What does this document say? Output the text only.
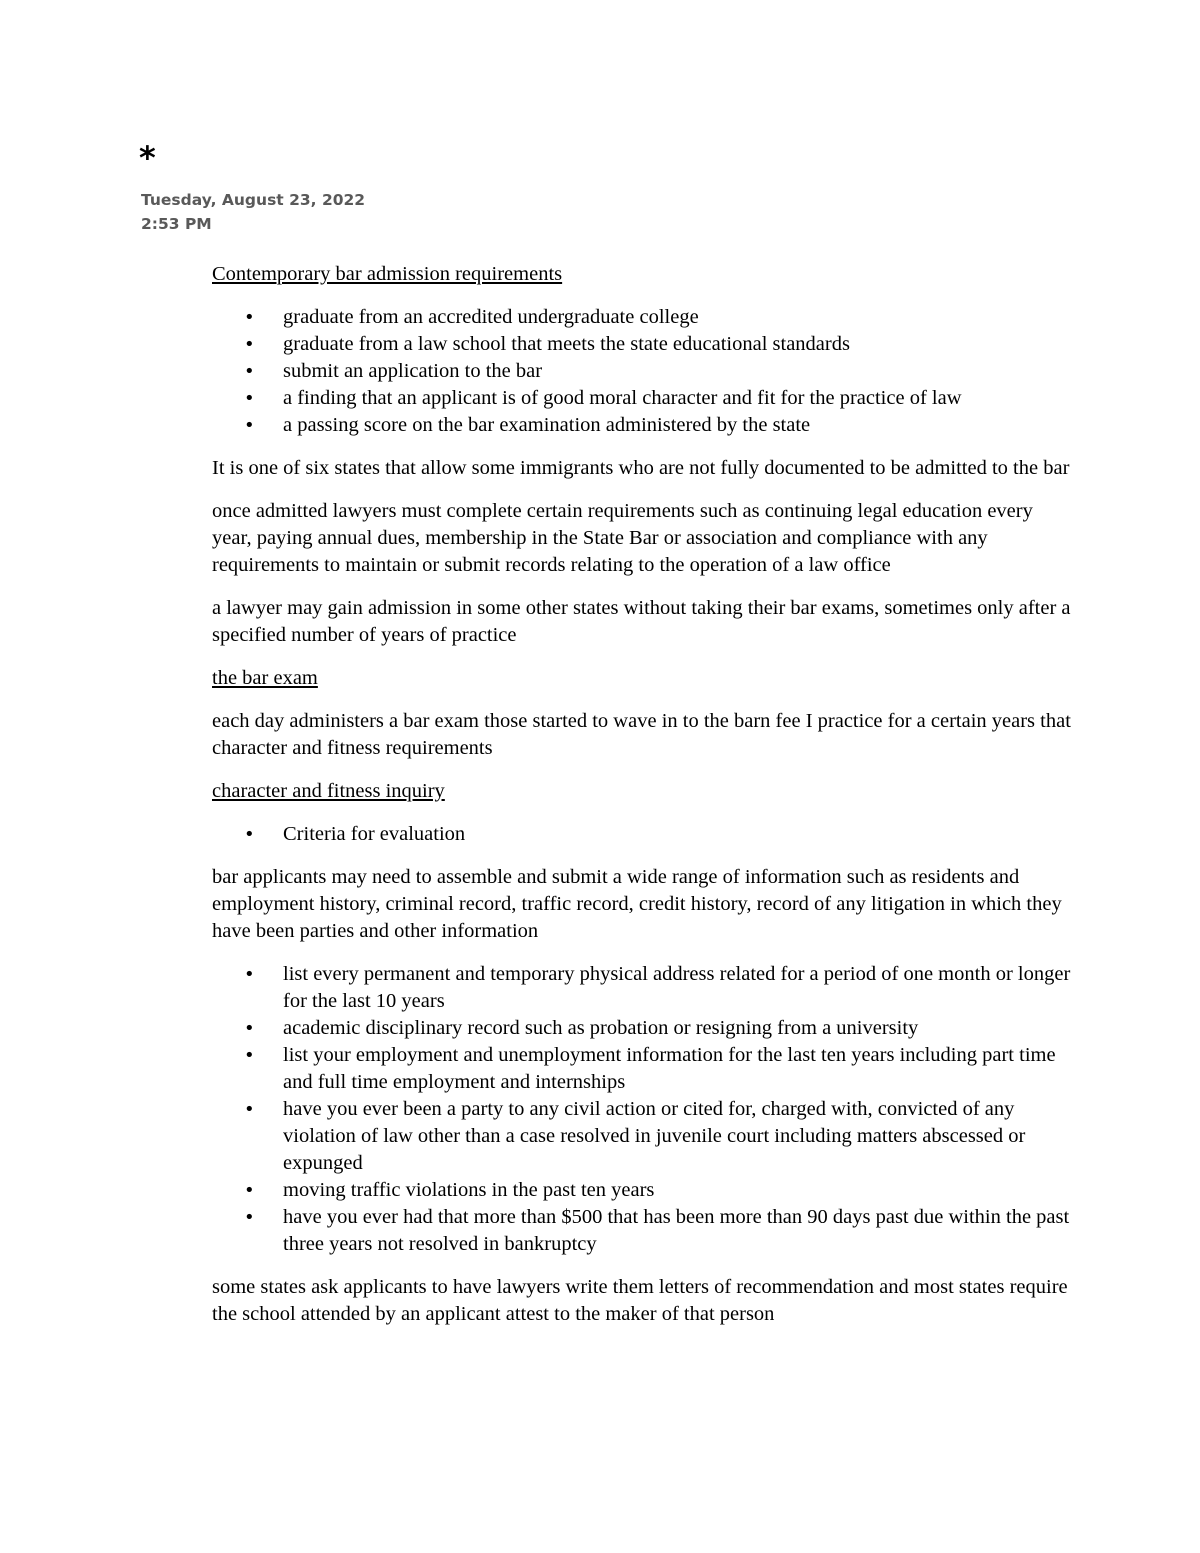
*
Tuesday, August 23, 2022
2:53 PM

Contemporary bar admission requirements

• graduate from an accredited undergraduate college
• graduate from a law school that meets the state educational standards
• submit an application to the bar
• a finding that an applicant is of good moral character and fit for the practice of law
• a passing score on the bar examination administered by the state

It is one of six states that allow some immigrants who are not fully documented to be admitted to the bar

once admitted lawyers must complete certain requirements such as continuing legal education every year, paying annual dues, membership in the State Bar or association and compliance with any requirements to maintain or submit records relating to the operation of a law office

a lawyer may gain admission in some other states without taking their bar exams, sometimes only after a specified number of years of practice

the bar exam

each day administers a bar exam those started to wave in to the barn fee I practice for a certain years that character and fitness requirements

character and fitness inquiry

• Criteria for evaluation

bar applicants may need to assemble and submit a wide range of information such as residents and employment history, criminal record, traffic record, credit history, record of any litigation in which they have been parties and other information

• list every permanent and temporary physical address related for a period of one month or longer for the last 10 years
• academic disciplinary record such as probation or resigning from a university
• list your employment and unemployment information for the last ten years including part time and full time employment and internships
• have you ever been a party to any civil action or cited for, charged with, convicted of any violation of law other than a case resolved in juvenile court including matters abscessed or expunged
• moving traffic violations in the past ten years
• have you ever had that more than $500 that has been more than 90 days past due within the past three years not resolved in bankruptcy

some states ask applicants to have lawyers write them letters of recommendation and most states require the school attended by an applicant attest to the maker of that person
